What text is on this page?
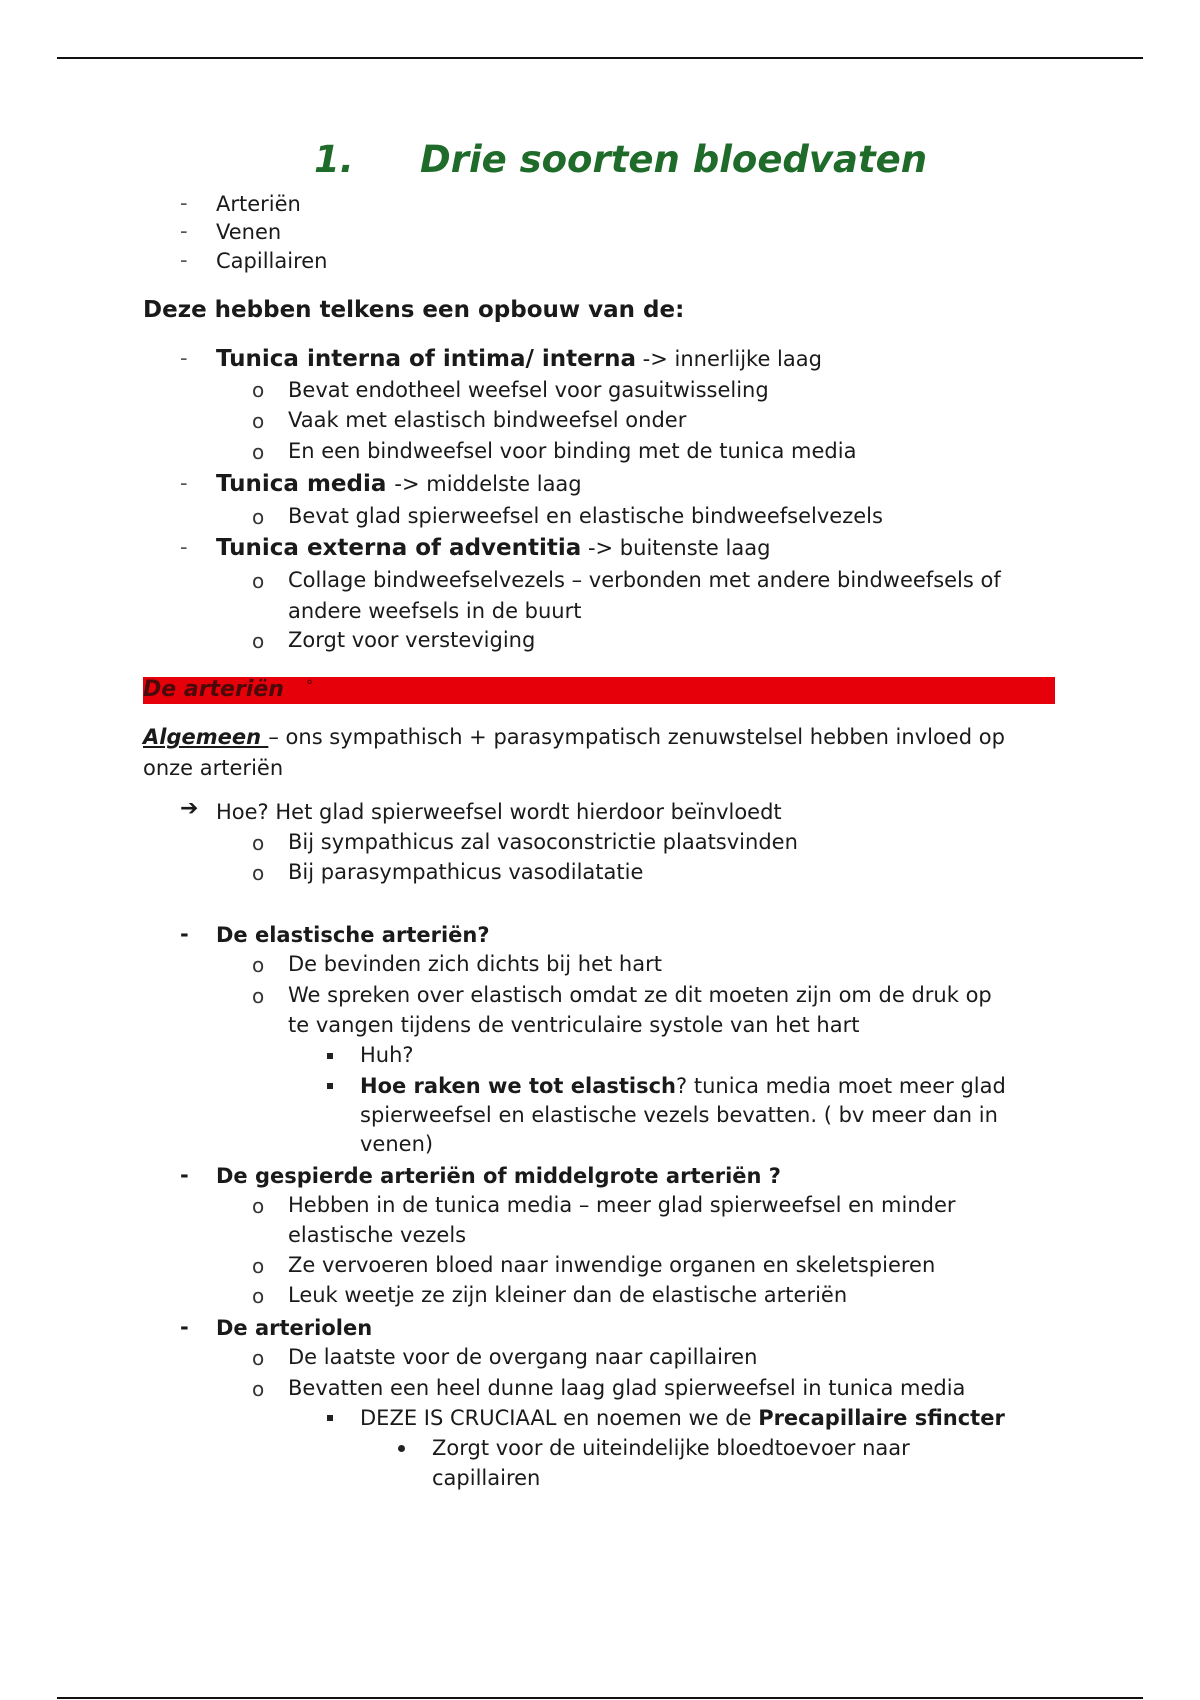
1. Drie soorten bloedvaten
- Arteriën
- Venen
- Capillairen
Deze hebben telkens een opbouw van de:
- Tunica interna of intima/ interna -> innerlijke laag
o Bevat endotheel weefsel voor gasuitwisseling
o Vaak met elastisch bindweefsel onder
o En een bindweefsel voor binding met de tunica media
- Tunica media -> middelste laag
o Bevat glad spierweefsel en elastische bindweefselvezels
- Tunica externa of adventitia -> buitenste laag
o Collage bindweefselvezels – verbonden met andere bindweefsels of
andere weefsels in de buurt
o Zorgt voor versteviging
De arteriën °
Algemeen – ons sympathisch + parasympatisch zenuwstelsel hebben invloed op
onze arteriën
➔ Hoe? Het glad spierweefsel wordt hierdoor beïnvloedt
o Bij sympathicus zal vasoconstrictie plaatsvinden
o Bij parasympathicus vasodilatatie
- De elastische arteriën?
o De bevinden zich dichts bij het hart
o We spreken over elastisch omdat ze dit moeten zijn om de druk op
te vangen tijdens de ventriculaire systole van het hart
Huh?
Hoe raken we tot elastisch? tunica media moet meer glad
spierweefsel en elastische vezels bevatten. ( bv meer dan in
venen)
- De gespierde arteriën of middelgrote arteriën ?
o Hebben in de tunica media – meer glad spierweefsel en minder
elastische vezels
o Ze vervoeren bloed naar inwendige organen en skeletspieren
o Leuk weetje ze zijn kleiner dan de elastische arteriën
- De arteriolen
o De laatste voor de overgang naar capillairen
o Bevatten een heel dunne laag glad spierweefsel in tunica media
DEZE IS CRUCIAAL en noemen we de Precapillaire sfincter
Zorgt voor de uiteindelijke bloedtoevoer naar
capillairen
